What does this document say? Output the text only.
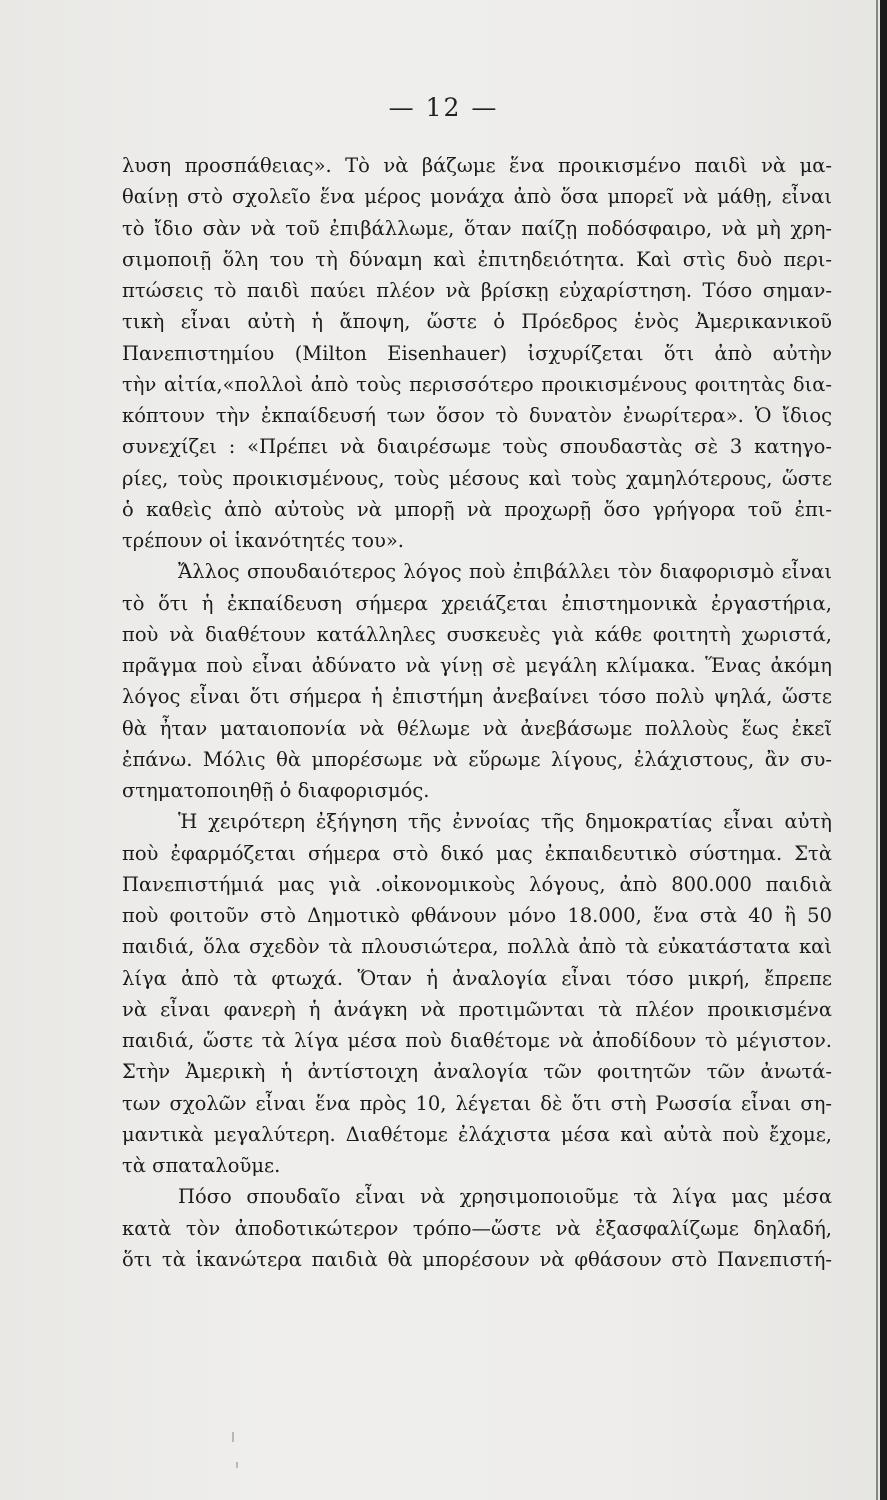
— 12 —
λυση προσπάθειας». Τὸ νὰ βάζωμε ἕνα προικισμένο παιδὶ νὰ μα-
θαίνῃ στὸ σχολεῖο ἕνα μέρος μονάχα ἀπὸ ὅσα μπορεῖ νὰ μάθῃ, εἶναι
τὸ ἴδιο σὰν νὰ τοῦ ἐπιβάλλωμε, ὅταν παίζῃ ποδόσφαιρο, νὰ μὴ χρη-
σιμοποιῇ ὅλη του τὴ δύναμη καὶ ἐπιτηδειότητα. Καὶ στὶς δυὸ περι-
πτώσεις τὸ παιδὶ παύει πλέον νὰ βρίσκῃ εὐχαρίστηση. Τόσο σημαν-
τικὴ εἶναι αὐτὴ ἡ ἄποψη, ὥστε ὁ Πρόεδρος ἑνὸς Ἀμερικανικοῦ
Πανεπιστημίου (Milton Eisenhauer) ἰσχυρίζεται ὅτι ἀπὸ αὐτὴν
τὴν αἰτία,«πολλοὶ ἀπὸ τοὺς περισσότερο προικισμένους φοιτητὰς δια-
κόπτουν τὴν ἐκπαίδευσή των ὅσον τὸ δυνατὸν ἐνωρίτερα». Ὁ ἴδιος
συνεχίζει : «Πρέπει νὰ διαιρέσωμε τοὺς σπουδαστὰς σὲ 3 κατηγο-
ρίες, τοὺς προικισμένους, τοὺς μέσους καὶ τοὺς χαμηλότερους, ὥστε
ὁ καθεὶς ἀπὸ αὐτοὺς νὰ μπορῇ νὰ προχωρῇ ὅσο γρήγορα τοῦ ἐπι-
τρέπουν οἱ ἱκανότητές του».
Ἄλλος σπουδαιότερος λόγος ποὺ ἐπιβάλλει τὸν διαφορισμὸ εἶναι
τὸ ὅτι ἡ ἐκπαίδευση σήμερα χρειάζεται ἐπιστημονικὰ ἐργαστήρια,
ποὺ νὰ διαθέτουν κατάλληλες συσκευὲς γιὰ κάθε φοιτητὴ χωριστά,
πρᾶγμα ποὺ εἶναι ἀδύνατο νὰ γίνῃ σὲ μεγάλη κλίμακα. Ἕνας ἀκόμη
λόγος εἶναι ὅτι σήμερα ἡ ἐπιστήμη ἀνεβαίνει τόσο πολὺ ψηλά, ὥστε
θὰ ἦταν ματαιοπονία νὰ θέλωμε νὰ ἀνεβάσωμε πολλοὺς ἕως ἐκεῖ
ἐπάνω. Μόλις θὰ μπορέσωμε νὰ εὕρωμε λίγους, ἐλάχιστους, ἂν συ-
στηματοποιηθῇ ὁ διαφορισμός.
Ἡ χειρότερη ἐξήγηση τῆς ἐννοίας τῆς δημοκρατίας εἶναι αὐτὴ
ποὺ ἐφαρμόζεται σήμερα στὸ δικό μας ἐκπαιδευτικὸ σύστημα. Στὰ
Πανεπιστήμιά μας γιὰ .οἰκονομικοὺς λόγους, ἀπὸ 800.000 παιδιὰ
ποὺ φοιτοῦν στὸ Δημοτικὸ φθάνουν μόνο 18.000, ἕνα στὰ 40 ἢ 50
παιδιά, ὅλα σχεδὸν τὰ πλουσιώτερα, πολλὰ ἀπὸ τὰ εὐκατάστατα καὶ
λίγα ἀπὸ τὰ φτωχά. Ὅταν ἡ ἀναλογία εἶναι τόσο μικρή, ἔπρεπε
νὰ εἶναι φανερὴ ἡ ἀνάγκη νὰ προτιμῶνται τὰ πλέον προικισμένα
παιδιά, ὥστε τὰ λίγα μέσα ποὺ διαθέτομε νὰ ἀποδίδουν τὸ μέγιστον.
Στὴν Ἀμερικὴ ἡ ἀντίστοιχη ἀναλογία τῶν φοιτητῶν τῶν ἀνωτά-
των σχολῶν εἶναι ἕνα πρὸς 10, λέγεται δὲ ὅτι στὴ Ρωσσία εἶναι ση-
μαντικὰ μεγαλύτερη. Διαθέτομε ἐλάχιστα μέσα καὶ αὐτὰ ποὺ ἔχομε,
τὰ σπαταλοῦμε.
Πόσο σπουδαῖο εἶναι νὰ χρησιμοποιοῦμε τὰ λίγα μας μέσα
κατὰ τὸν ἀποδοτικώτερον τρόπο—ὥστε νὰ ἐξασφαλίζωμε δηλαδή,
ὅτι τὰ ἱκανώτερα παιδιὰ θὰ μπορέσουν νὰ φθάσουν στὸ Πανεπιστή-
